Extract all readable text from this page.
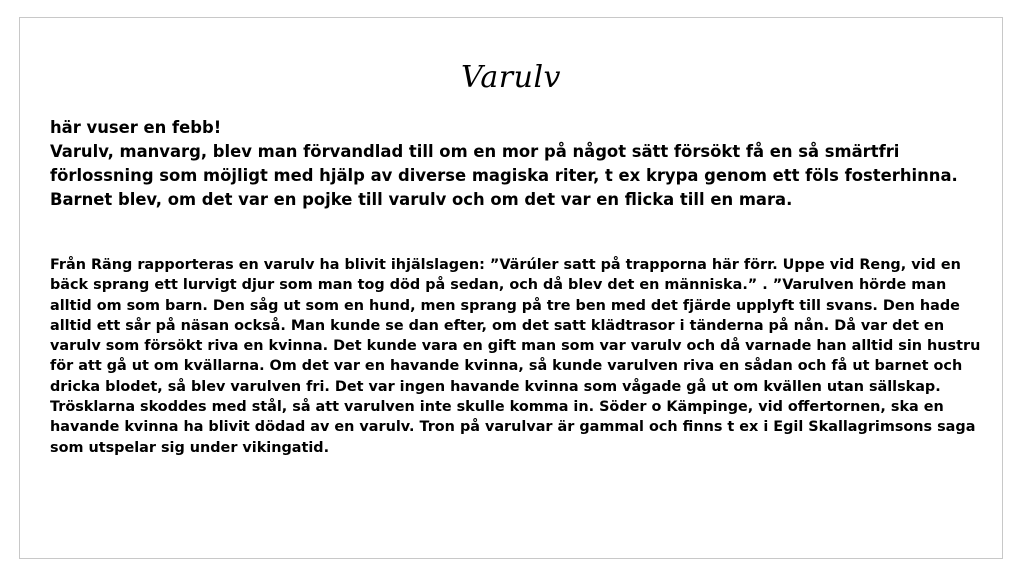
Varulv

här vuser en febb!

Varulv, manvarg, blev man förvandlad till om en mor på något sätt försökt få en så smärtfri förlossning som möjligt med hjälp av diverse magiska riter, t ex krypa genom ett föls fosterhinna. Barnet blev, om det var en pojke till varulv och om det var en flicka till en mara.

Från Räng rapporteras en varulv ha blivit ihjälslagen: ”Värúler satt på trapporna här förr. Uppe vid Reng, vid en bäck sprang ett lurvigt djur som man tog död på sedan, och då blev det en människa.” . ”Varulven hörde man alltid om som barn. Den såg ut som en hund, men sprang på tre ben med det fjärde upplyft till svans. Den hade alltid ett sår på näsan också. Man kunde se dan efter, om det satt klädtrasor i tänderna på nån. Då var det en varulv som försökt riva en kvinna. Det kunde vara en gift man som var varulv och då varnade han alltid sin hustru för att gå ut om kvällarna. Om det var en havande kvinna, så kunde varulven riva en sådan och få ut barnet och dricka blodet, så blev varulven fri. Det var ingen havande kvinna som vågade gå ut om kvällen utan sällskap. Trösklarna skoddes med stål, så att varulven inte skulle komma in. Söder o Kämpinge, vid offertornen, ska en havande kvinna ha blivit dödad av en varulv. Tron på varulvar är gammal och finns t ex i Egil Skallagrimsons saga som utspelar sig under vikingatid.
